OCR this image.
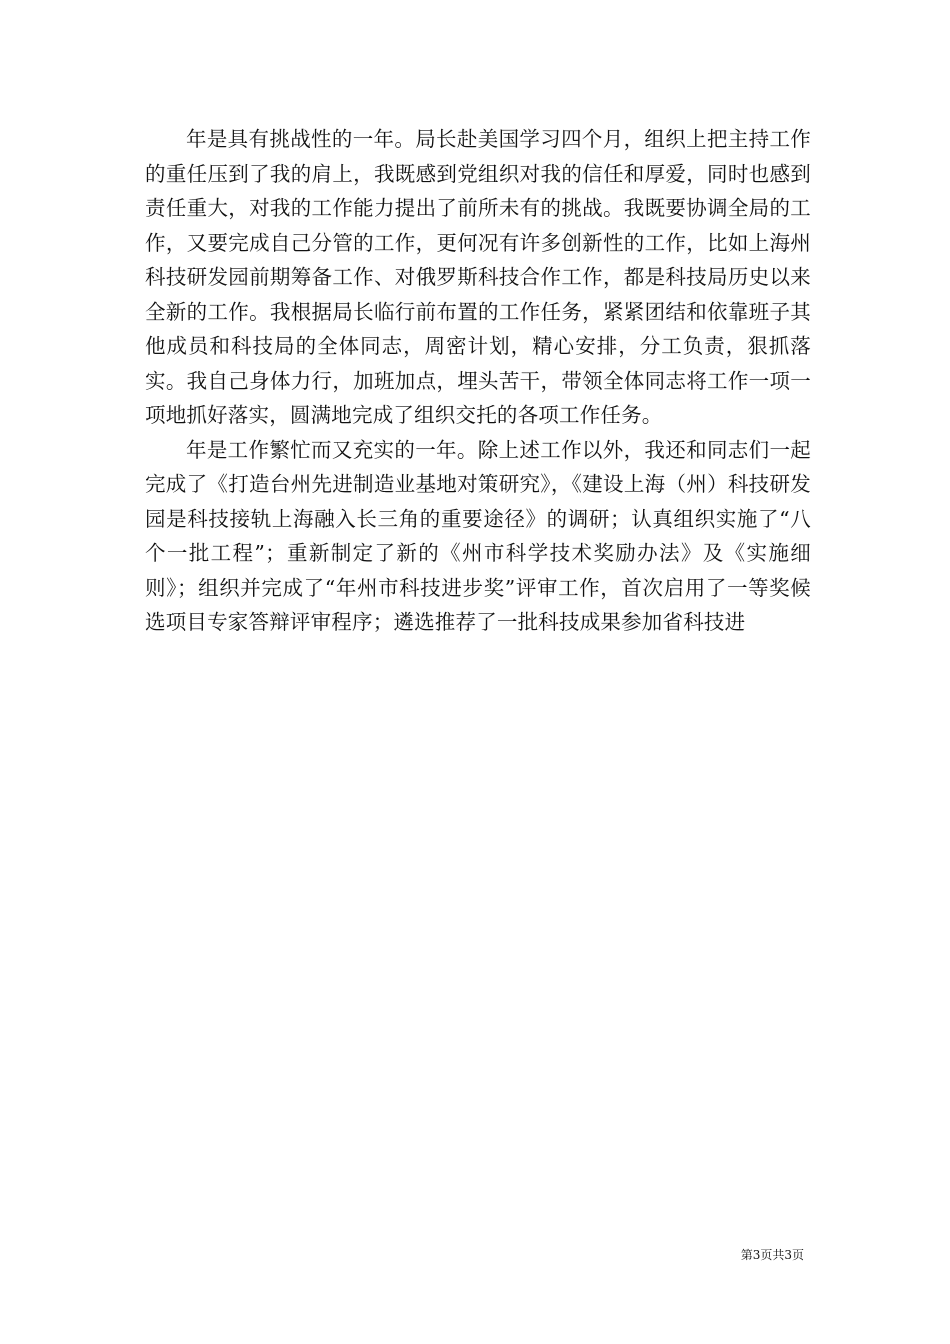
年是具有挑战性的一年。局长赴美国学习四个月，组织上把主持工作的重任压到了我的肩上，我既感到党组织对我的信任和厚爱，同时也感到责任重大，对我的工作能力提出了前所未有的挑战。我既要协调全局的工作，又要完成自己分管的工作，更何况有许多创新性的工作，比如上海州科技研发园前期筹备工作、对俄罗斯科技合作工作，都是科技局历史以来全新的工作。我根据局长临行前布置的工作任务，紧紧团结和依靠班子其他成员和科技局的全体同志，周密计划，精心安排，分工负责，狠抓落实。我自己身体力行，加班加点，埋头苦干，带领全体同志将工作一项一项地抓好落实，圆满地完成了组织交托的各项工作任务。

年是工作繁忙而又充实的一年。除上述工作以外，我还和同志们一起完成了《打造台州先进制造业基地对策研究》，《建设上海（州）科技研发园是科技接轨上海融入长三角的重要途径》的调研；认真组织实施了“八个一批工程”；重新制定了新的《州市科学技术奖励办法》及《实施细则》；组织并完成了“年州市科技进步奖”评审工作，首次启用了一等奖候选项目专家答辩评审程序；遴选推荐了一批科技成果参加省科技进

第3页共3页
